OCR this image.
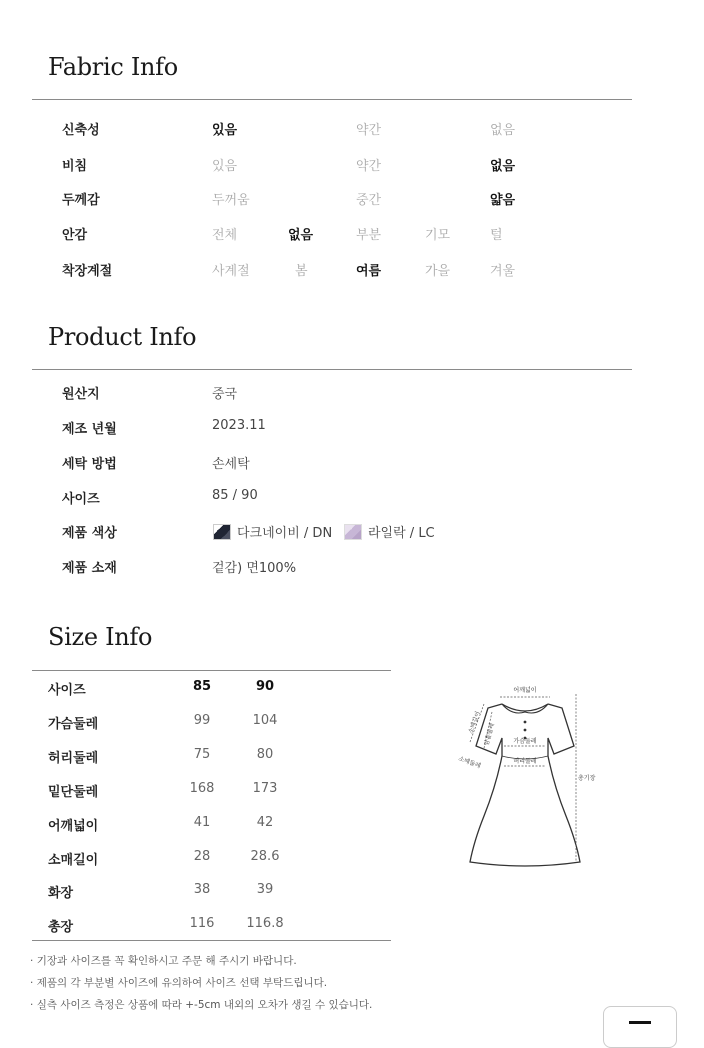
Fabric Info
신축성	있음	약간	없음
비침	있음	약간	없음
두께감	두꺼움	중간	얇음
안감	전체	없음	부분	기모	털
착장계절	사계절	봄	여름	가을	겨울
Product Info
원산지	중국
제조 년월	2023.11
세탁 방법	손세탁
사이즈	85 / 90
제품 색상	다크네이비 / DN	라일락 / LC
제품 소재	겉감) 면100%
Size Info
사이즈	85	90
가슴둘레	99	104
허리둘레	75	80
밑단둘레	168	173
어깨넓이	41	42
소매길이	28	28.6
화장	38	39
총장	116	116.8
어깨넓이
가슴둘레
허리둘레
총기장
소매길이 암홀둘레
소매둘레
· 기장과 사이즈를 꼭 확인하시고 주문 해 주시기 바랍니다.
· 제품의 각 부분별 사이즈에 유의하여 사이즈 선택 부탁드립니다.
· 실측 사이즈 측정은 상품에 따라 +-5cm 내외의 오차가 생길 수 있습니다.
